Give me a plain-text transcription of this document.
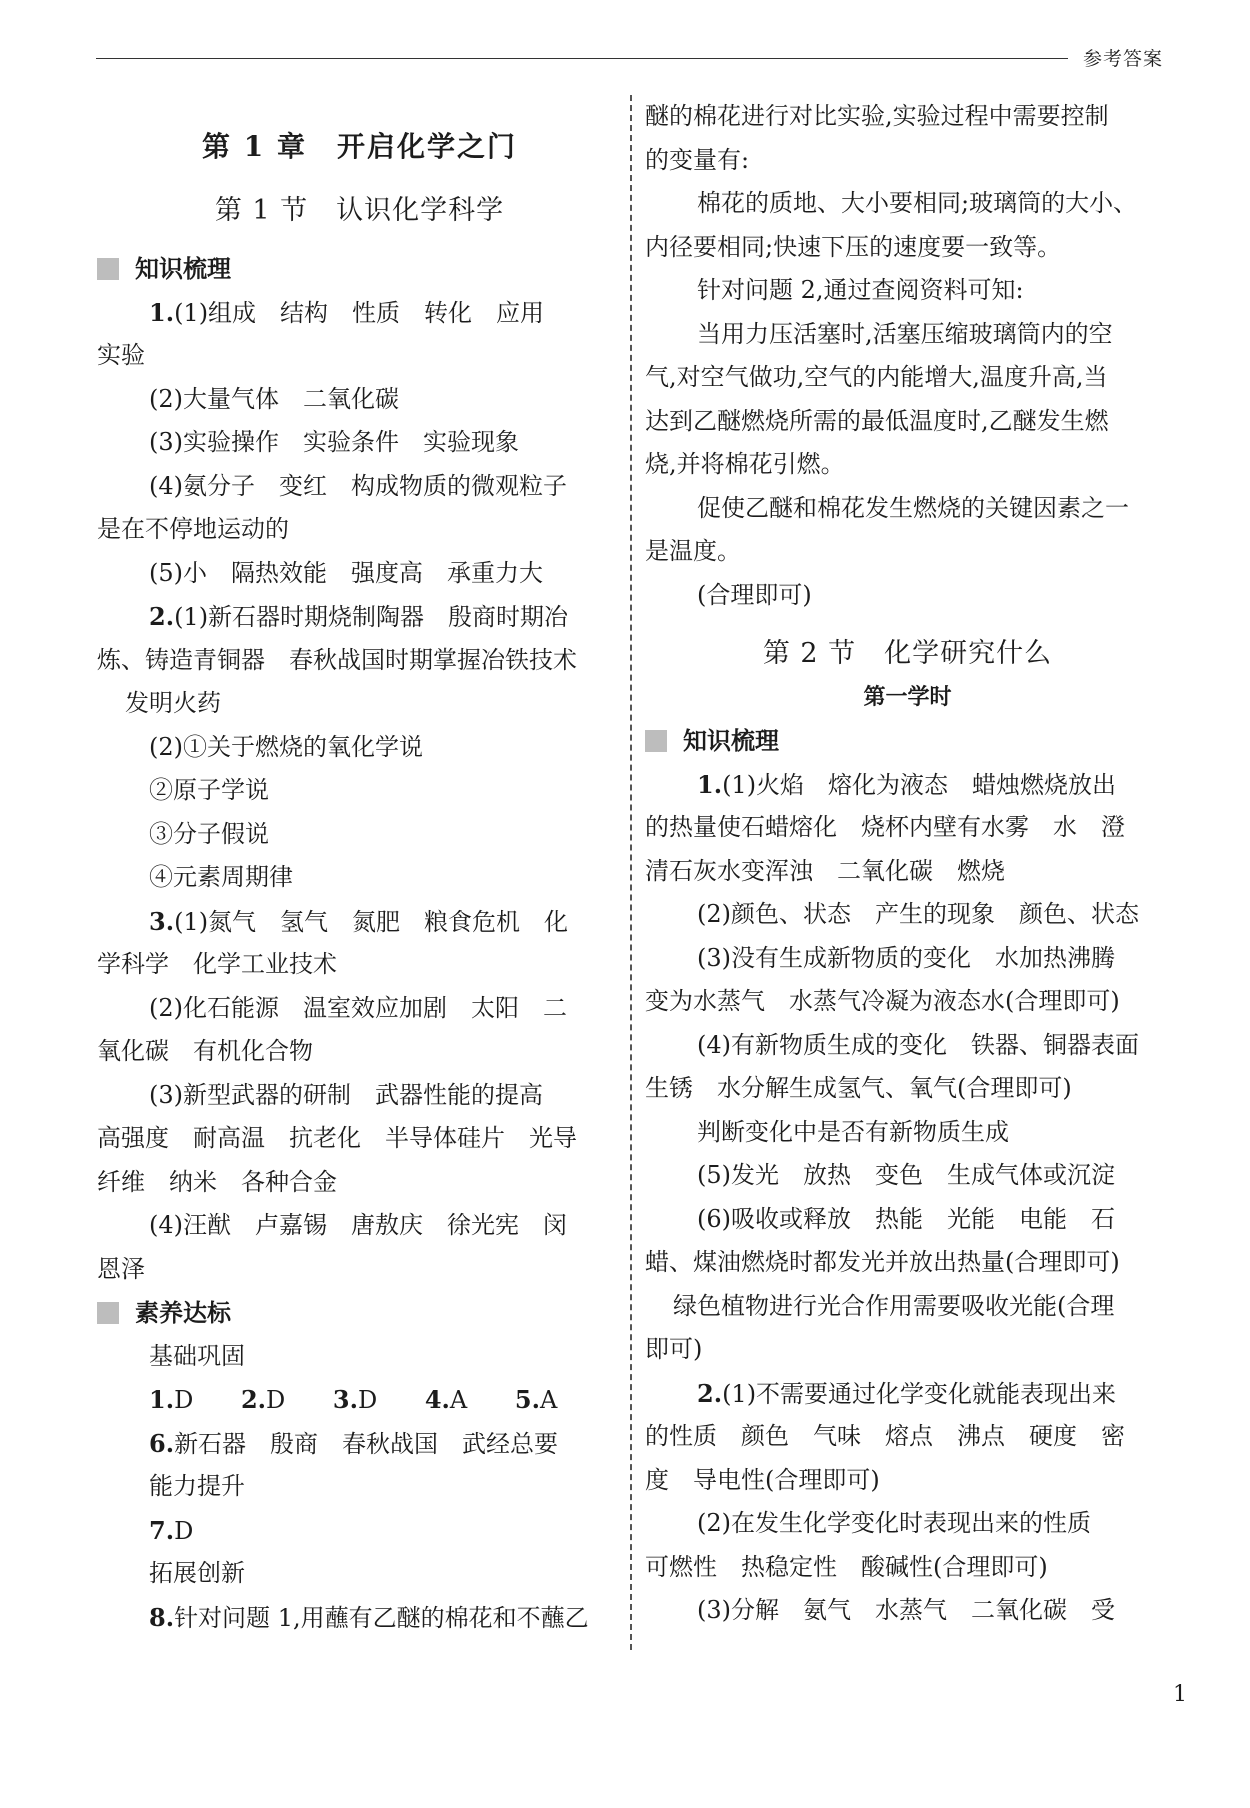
参考答案
第 1 章　开启化学之门
第 1 节　认识化学科学
知识梳理
1.(1)组成　结构　性质　转化　应用
实验
(2)大量气体　二氧化碳
(3)实验操作　实验条件　实验现象
(4)氨分子　变红　构成物质的微观粒子
是在不停地运动的
(5)小　隔热效能　强度高　承重力大
2.(1)新石器时期烧制陶器　殷商时期冶
炼、铸造青铜器　春秋战国时期掌握冶铁技术
发明火药
(2)①关于燃烧的氧化学说
②原子学说
③分子假说
④元素周期律
3.(1)氮气　氢气　氮肥　粮食危机　化
学科学　化学工业技术
(2)化石能源　温室效应加剧　太阳　二
氧化碳　有机化合物
(3)新型武器的研制　武器性能的提高
高强度　耐高温　抗老化　半导体硅片　光导
纤维　纳米　各种合金
(4)汪猷　卢嘉锡　唐敖庆　徐光宪　闵
恩泽
素养达标
基础巩固
1.D 2.D 3.D 4.A 5.A
6.新石器　殷商　春秋战国　武经总要
能力提升
7.D
拓展创新
8.针对问题 1,用蘸有乙醚的棉花和不蘸乙
醚的棉花进行对比实验,实验过程中需要控制
的变量有:
棉花的质地、大小要相同;玻璃筒的大小、
内径要相同;快速下压的速度要一致等。
针对问题 2,通过查阅资料可知:
当用力压活塞时,活塞压缩玻璃筒内的空
气,对空气做功,空气的内能增大,温度升高,当
达到乙醚燃烧所需的最低温度时,乙醚发生燃
烧,并将棉花引燃。
促使乙醚和棉花发生燃烧的关键因素之一
是温度。
(合理即可)
第 2 节　化学研究什么
第一学时
知识梳理
1.(1)火焰　熔化为液态　蜡烛燃烧放出
的热量使石蜡熔化　烧杯内壁有水雾　水　澄
清石灰水变浑浊　二氧化碳　燃烧
(2)颜色、状态　产生的现象　颜色、状态
(3)没有生成新物质的变化　水加热沸腾
变为水蒸气　水蒸气冷凝为液态水(合理即可)
(4)有新物质生成的变化　铁器、铜器表面
生锈　水分解生成氢气、氧气(合理即可)
判断变化中是否有新物质生成
(5)发光　放热　变色　生成气体或沉淀
(6)吸收或释放　热能　光能　电能　石
蜡、煤油燃烧时都发光并放出热量(合理即可)
绿色植物进行光合作用需要吸收光能(合理
即可)
2.(1)不需要通过化学变化就能表现出来
的性质　颜色　气味　熔点　沸点　硬度　密
度　导电性(合理即可)
(2)在发生化学变化时表现出来的性质
可燃性　热稳定性　酸碱性(合理即可)
(3)分解　氨气　水蒸气　二氧化碳　受
1
